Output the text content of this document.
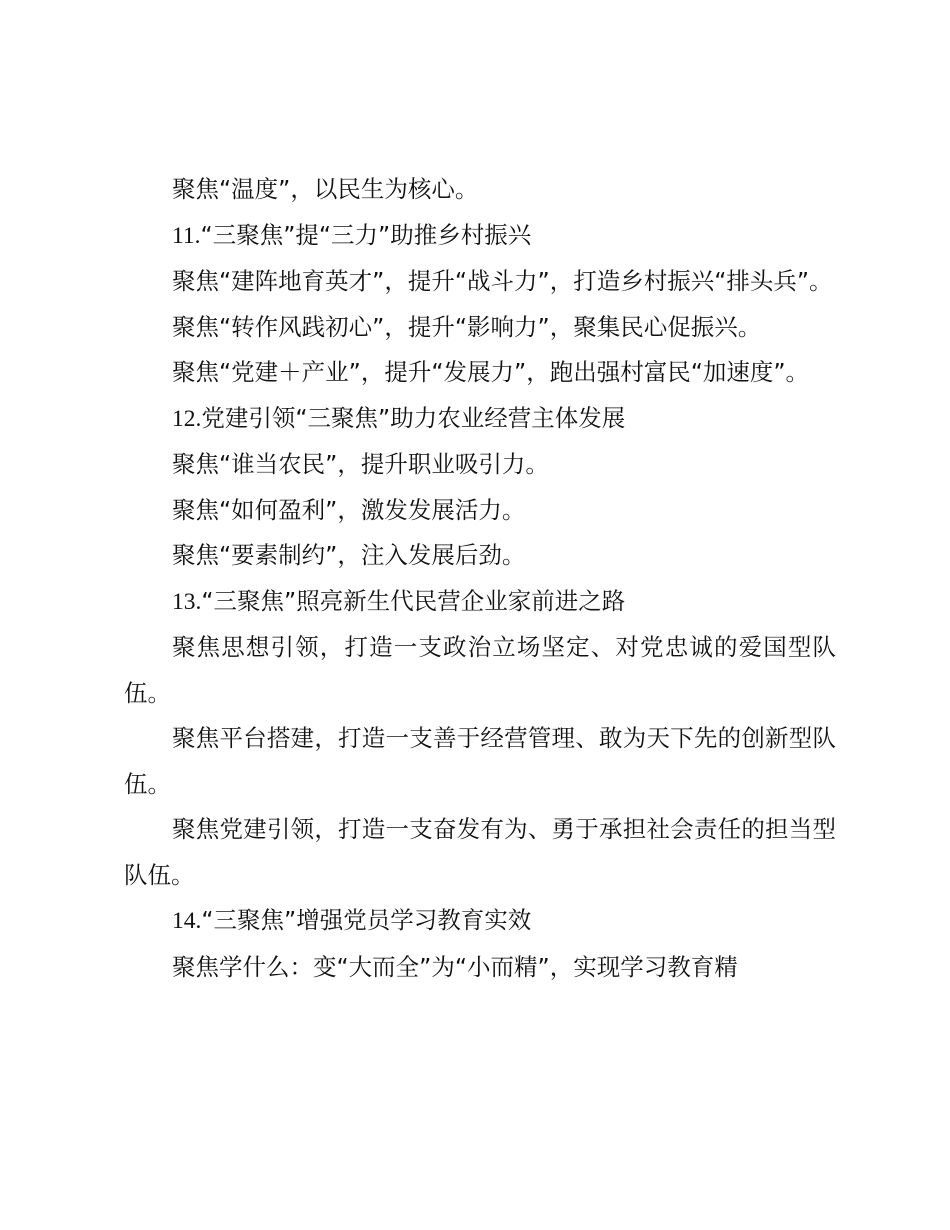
聚焦“温度”，以民生为核心。

11.“三聚焦”提“三力”助推乡村振兴

聚焦“建阵地育英才”，提升“战斗力”，打造乡村振兴“排头兵”。

聚焦“转作风践初心”，提升“影响力”，聚集民心促振兴。

聚焦“党建＋产业”，提升“发展力”，跑出强村富民“加速度”。

12.党建引领“三聚焦”助力农业经营主体发展

聚焦“谁当农民”，提升职业吸引力。

聚焦“如何盈利”，激发发展活力。

聚焦“要素制约”，注入发展后劲。

13.“三聚焦”照亮新生代民营企业家前进之路

聚焦思想引领，打造一支政治立场坚定、对党忠诚的爱国型队伍。

聚焦平台搭建，打造一支善于经营管理、敢为天下先的创新型队伍。

聚焦党建引领，打造一支奋发有为、勇于承担社会责任的担当型队伍。

14.“三聚焦”增强党员学习教育实效

聚焦学什么：变“大而全”为“小而精”，实现学习教育精
